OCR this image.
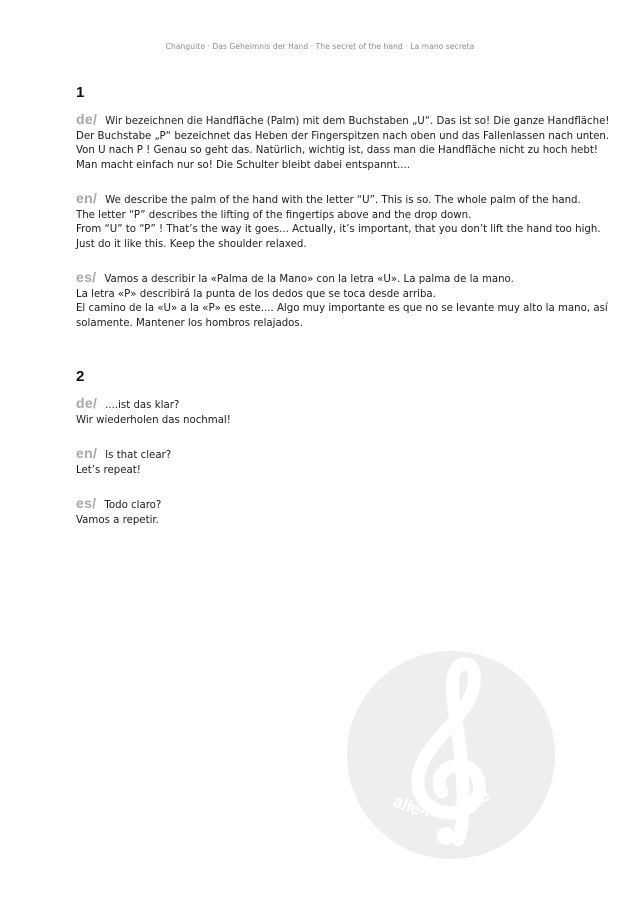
Changuito · Das Geheimnis der Hand · The secret of the hand · La mano secreta
1

de/ Wir bezeichnen die Handfläche (Palm) mit dem Buchstaben „U“. Das ist so! Die ganze Handfläche!

Der Buchstabe „P“ bezeichnet das Heben der Fingerspitzen nach oben und das Fallenlassen nach unten.

Von U nach P ! Genau so geht das. Natürlich, wichtig ist, dass man die Handfläche nicht zu hoch hebt!

Man macht einfach nur so! Die Schulter bleibt dabei entspannt....

en/ We describe the palm of the hand with the letter “U”. This is so. The whole palm of the hand.

The letter “P” describes the lifting of the fingertips above and the drop down.

From “U” to “P” ! That’s the way it goes... Actually, it’s important, that you don’t lift the hand too high.

Just do it like this. Keep the shoulder relaxed.

es/ Vamos a describir la «Palma de la Mano» con la letra «U». La palma de la mano.

La letra «P» describirá la punta de los dedos que se toca desde arriba.

El camino de la «U» a la «P» es este.... Algo muy importante es que no se levante muy alto la mano, así

solamente. Mantener los hombros relajados.

2

de/ ....ist das klar?

Wir wiederholen das nochmal!

en/ Is that clear?

Let’s repeat!

es/ Todo claro?

Vamos a repetir.

alle-noten.de
